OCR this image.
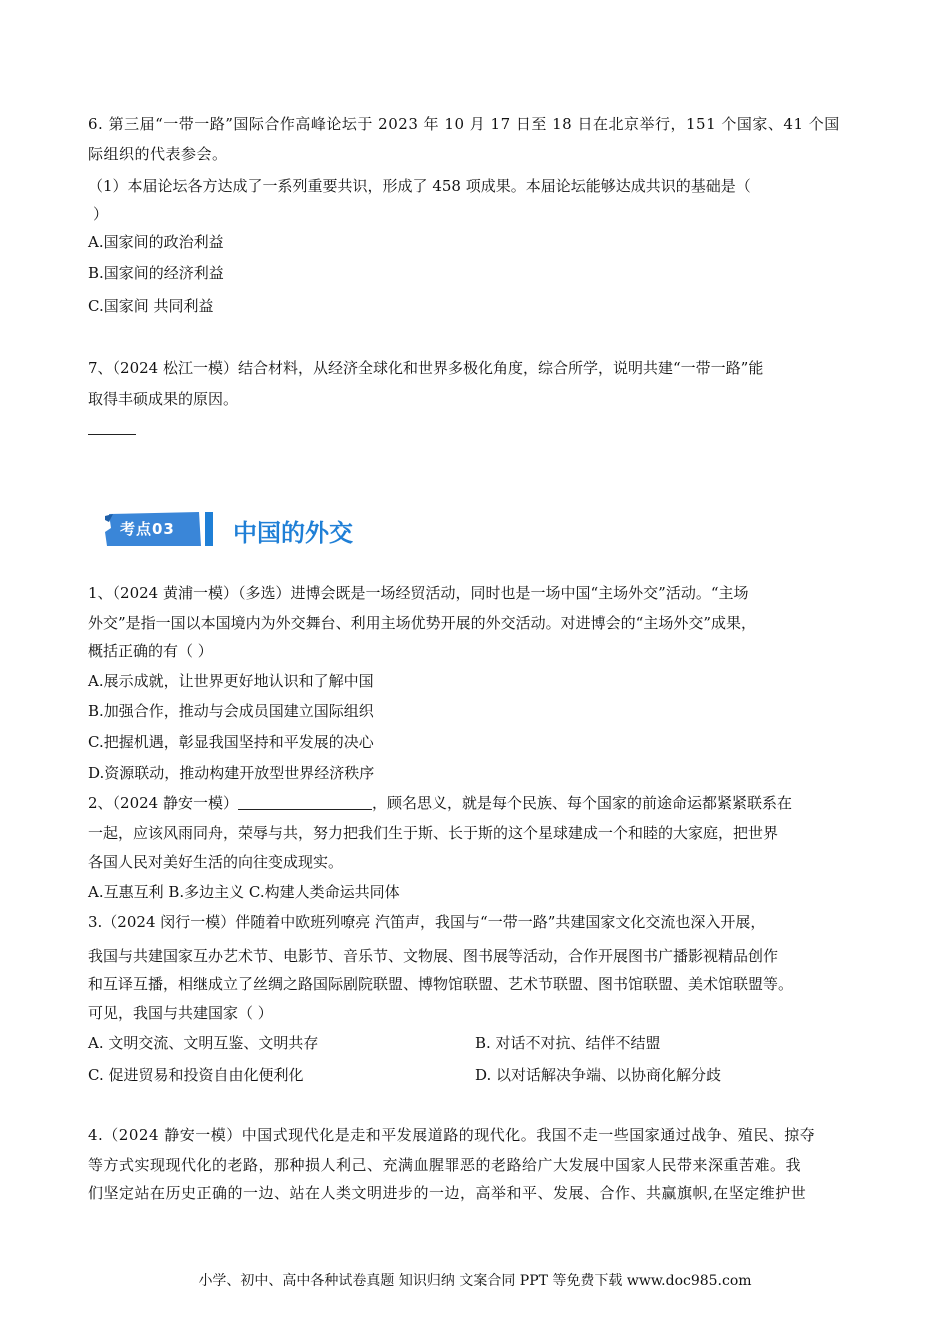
6. 第三届“一带一路”国际合作高峰论坛于 2023 年 10 月 17 日至 18 日在北京举行，151 个国家、41 个国
际组织的代表参会。
（1）本届论坛各方达成了一系列重要共识，形成了 458 项成果。本届论坛能够达成共识的基础是（
）
A.国家间的政治利益
B.国家间的经济利益
C.国家间 共同利益
7、（2024 松江一模）结合材料，从经济全球化和世界多极化角度，综合所学，说明共建“一带一路”能
取得丰硕成果的原因。
考点03 中国的外交
1、（2024 黄浦一模）（多选）进博会既是一场经贸活动，同时也是一场中国“主场外交”活动。“主场
外交”是指一国以本国境内为外交舞台、利用主场优势开展的外交活动。对进博会的“主场外交”成果，
概括正确的有（ ）
A.展示成就，让世界更好地认识和了解中国
B.加强合作，推动与会成员国建立国际组织
C.把握机遇，彰显我国坚持和平发展的决心
D.资源联动，推动构建开放型世界经济秩序
2、（2024 静安一模）	，顾名思义，就是每个民族、每个国家的前途命运都紧紧联系在
一起，应该风雨同舟，荣辱与共，努力把我们生于斯、长于斯的这个星球建成一个和睦的大家庭，把世界
各国人民对美好生活的向往变成现实。
A.互惠互利 B.多边主义 C.构建人类命运共同体
3.（2024 闵行一模）伴随着中欧班列嘹亮 汽笛声，我国与“一带一路”共建国家文化交流也深入开展，
我国与共建国家互办艺术节、电影节、音乐节、文物展、图书展等活动，合作开展图书广播影视精品创作
和互译互播，相继成立了丝绸之路国际剧院联盟、博物馆联盟、艺术节联盟、图书馆联盟、美术馆联盟等。
可见，我国与共建国家（ ）
A. 文明交流、文明互鉴、文明共存	B. 对话不对抗、结伴不结盟
C. 促进贸易和投资自由化便利化	D. 以对话解决争端、以协商化解分歧
4.（2024 静安一模）中国式现代化是走和平发展道路的现代化。我国不走一些国家通过战争、殖民、掠夺
等方式实现现代化的老路，那种损人利己、充满血腥罪恶的老路给广大发展中国家人民带来深重苦难。我
们坚定站在历史正确的一边、站在人类文明进步的一边，高举和平、发展、合作、共赢旗帜,在坚定维护世
小学、初中、高中各种试卷真题 知识归纳 文案合同 PPT 等免费下载 www.doc985.com
